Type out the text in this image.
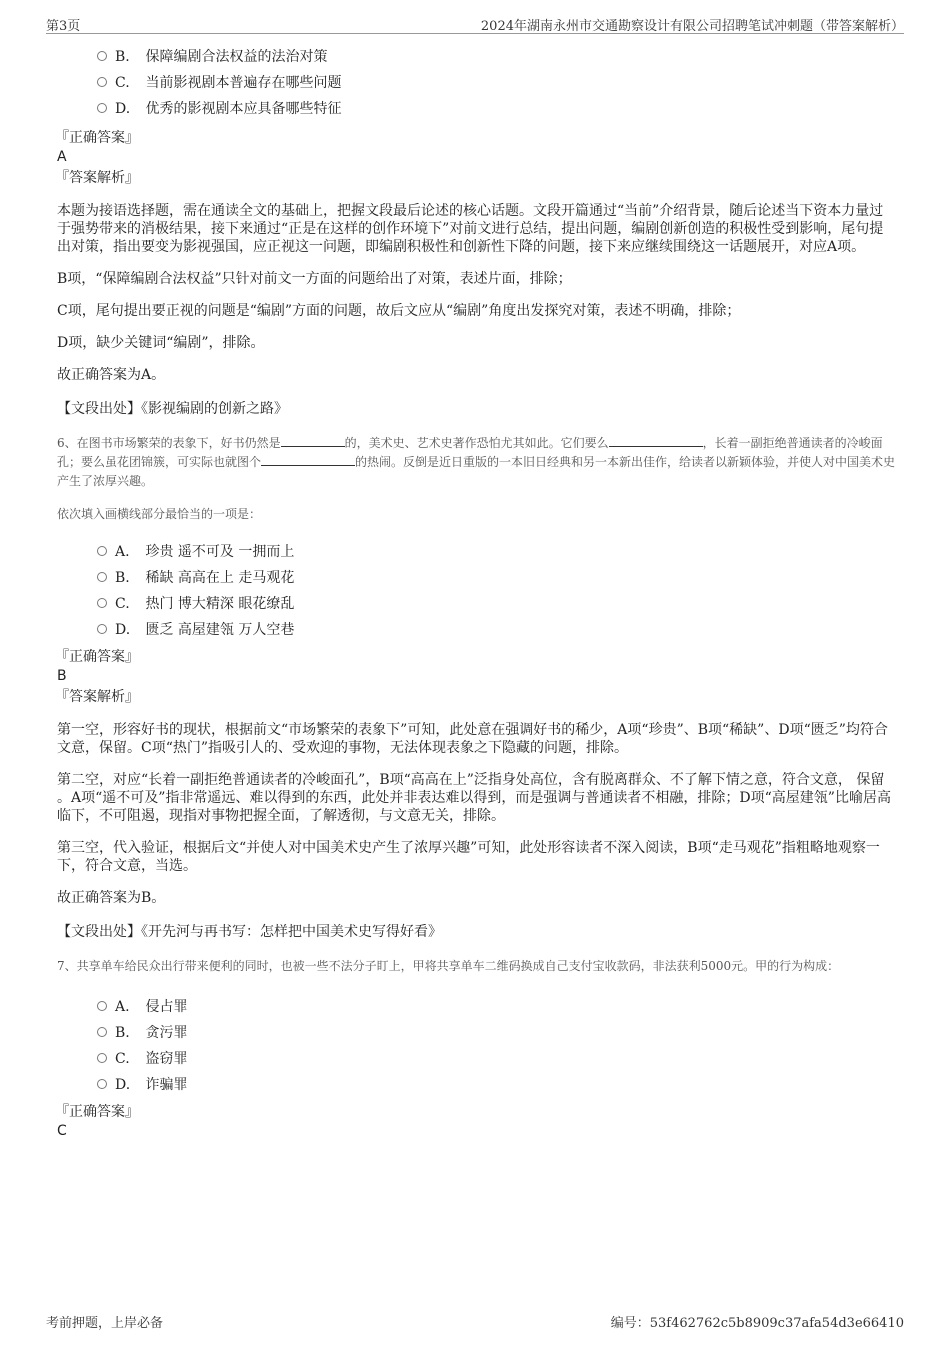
第3页	2024年湖南永州市交通勘察设计有限公司招聘笔试冲刺题（带答案解析）
B. 保障编剧合法权益的法治对策
C. 当前影视剧本普遍存在哪些问题
D. 优秀的影视剧本应具备哪些特征
『正确答案』
A
『答案解析』
本题为接语选择题，需在通读全文的基础上，把握文段最后论述的核心话题。文段开篇通过“当前”介绍背景，随后论述当下资本力量过于强势带来的消极结果，接下来通过“正是在这样的创作环境下”对前文进行总结，提出问题，编剧创新创造的积极性受到影响，尾句提出对策，指出要变为影视强国，应正视这一问题，即编剧积极性和创新性下降的问题，接下来应继续围绕这一话题展开，对应A项。
B项，“保障编剧合法权益”只针对前文一方面的问题给出了对策，表述片面，排除；
C项，尾句提出要正视的问题是“编剧”方面的问题，故后文应从“编剧”角度出发探究对策，表述不明确，排除；
D项，缺少关键词“编剧”，排除。
故正确答案为A。
【文段出处】《影视编剧的创新之路》
6、在图书市场繁荣的表象下，好书仍然是	的，美术史、艺术史著作恐怕尤其如此。它们要么	，长着一副拒绝普通读者的冷峻面孔；要么虽花团锦簇，可实际也就图个	的热闹。反倒是近日重版的一本旧日经典和另一本新出佳作，给读者以新颖体验，并使人对中国美术史产生了浓厚兴趣。
依次填入画横线部分最恰当的一项是：
A. 珍贵 遥不可及 一拥而上
B. 稀缺 高高在上 走马观花
C. 热门 博大精深 眼花缭乱
D. 匮乏 高屋建瓴 万人空巷
『正确答案』
B
『答案解析』
第一空，形容好书的现状，根据前文“市场繁荣的表象下”可知，此处意在强调好书的稀少，A项“珍贵”、B项“稀缺”、D项“匮乏”均符合文意，保留。C项“热门”指吸引人的、受欢迎的事物，无法体现表象之下隐藏的问题，排除。
第二空，对应“长着一副拒绝普通读者的冷峻面孔”，B项“高高在上”泛指身处高位，含有脱离群众、不了解下情之意，符合文意， 保留 。A项“遥不可及”指非常遥远、难以得到的东西，此处并非表达难以得到，而是强调与普通读者不相融，排除；D项“高屋建瓴”比喻居高临下，不可阻遏，现指对事物把握全面，了解透彻，与文意无关，排除。
第三空，代入验证，根据后文“并使人对中国美术史产生了浓厚兴趣”可知，此处形容读者不深入阅读，B项“走马观花”指粗略地观察一下，符合文意，当选。
故正确答案为B。
【文段出处】《开先河与再书写：怎样把中国美术史写得好看》
7、共享单车给民众出行带来便利的同时，也被一些不法分子盯上，甲将共享单车二维码换成自己支付宝收款码，非法获利5000元。甲的行为构成：
A. 侵占罪
B. 贪污罪
C. 盗窃罪
D. 诈骗罪
『正确答案』
C
考前押题，上岸必备	编号：53f462762c5b8909c37afa54d3e66410
